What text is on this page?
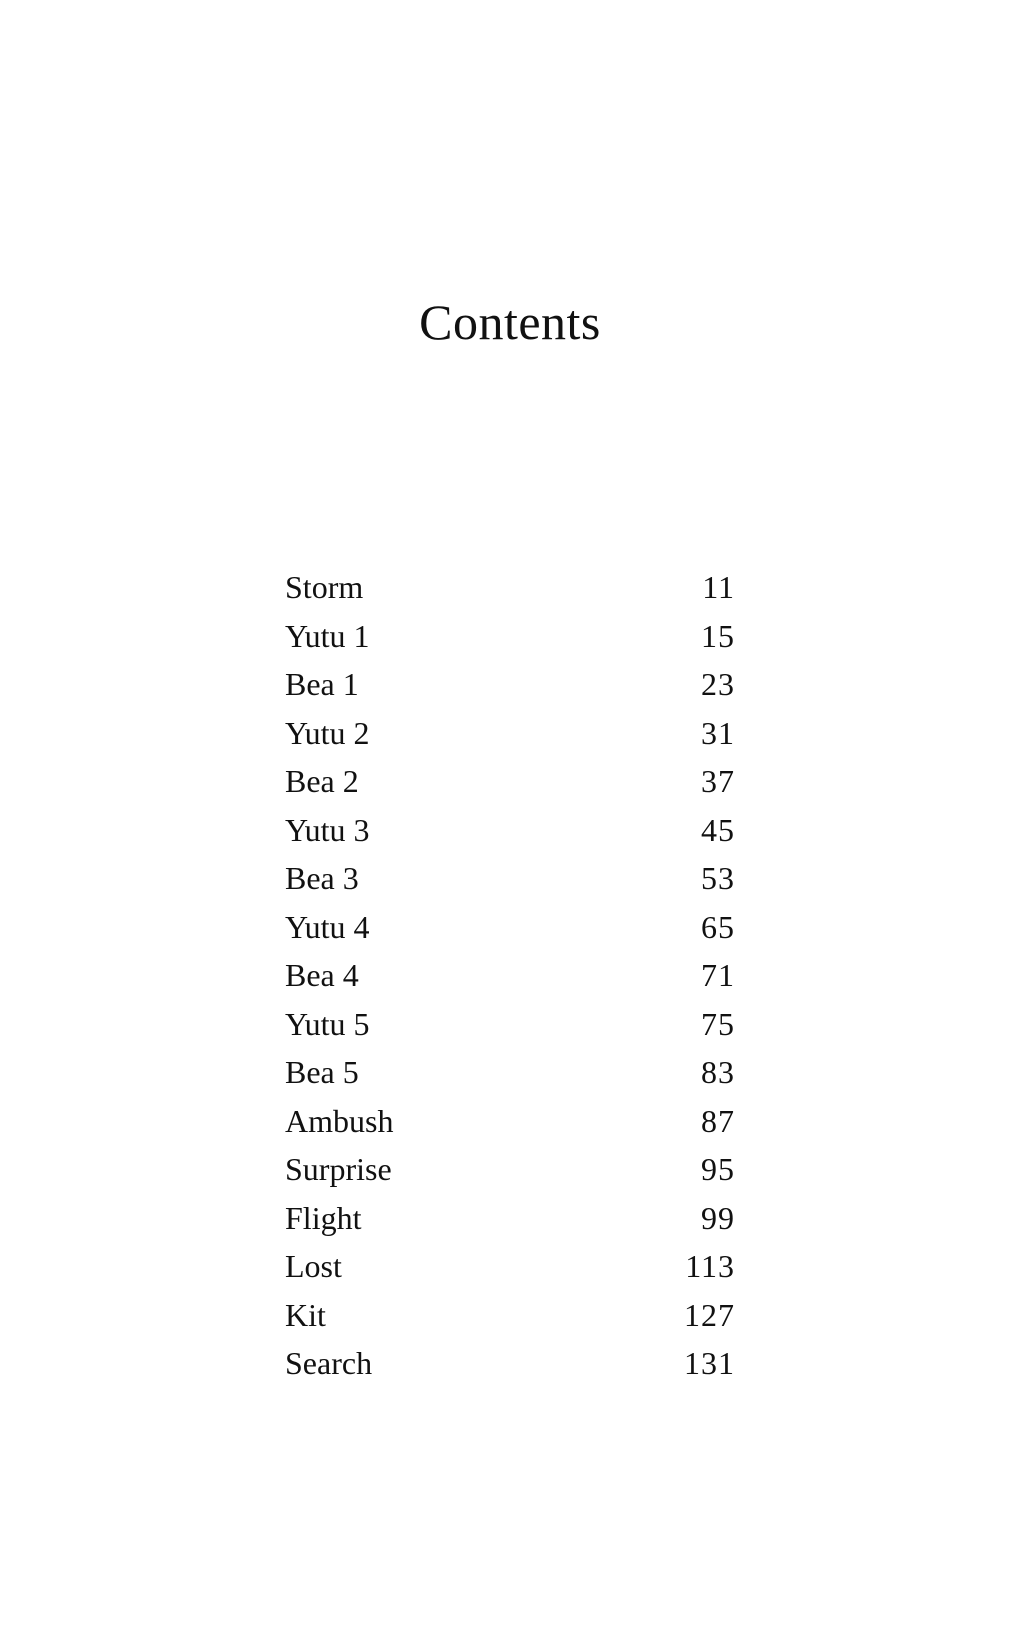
Contents
Storm	11
Yutu 1	15
Bea 1	23
Yutu 2	31
Bea 2	37
Yutu 3	45
Bea 3	53
Yutu 4	65
Bea 4	71
Yutu 5	75
Bea 5	83
Ambush	87
Surprise	95
Flight	99
Lost	113
Kit	127
Search	131
